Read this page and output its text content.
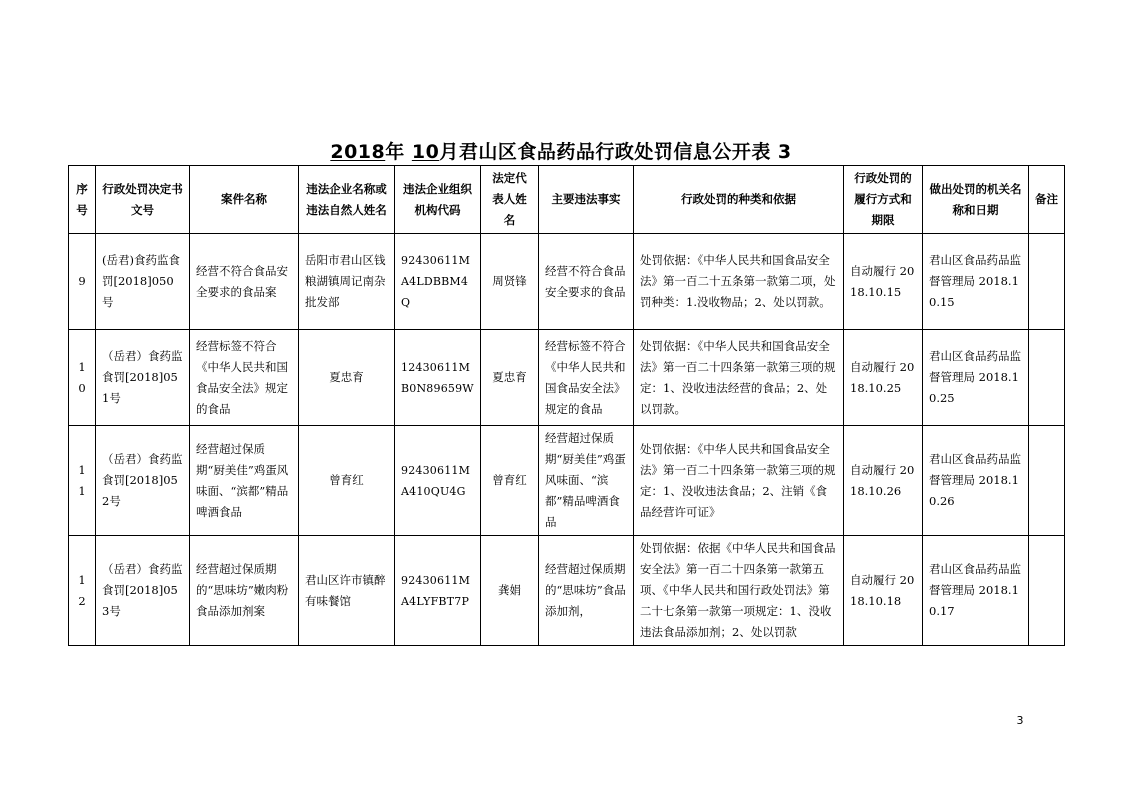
2018年 10月君山区食品药品行政处罚信息公开表 3
序号	行政处罚决定书文号	案件名称	违法企业名称或违法自然人姓名	违法企业组织机构代码	法定代表人姓名	主要违法事实	行政处罚的种类和依据	行政处罚的履行方式和期限	做出处罚的机关名称和日期	备注
9	(岳君)食药监食罚[2018]050号	经营不符合食品安全要求的食品案	岳阳市君山区钱粮湖镇周记南杂批发部	92430611MA4LDBBM4Q	周贤锋	经营不符合食品安全要求的食品	处罚依据：《中华人民共和国食品安全法》第一百二十五条第一款第二项，处罚种类：1.没收物品；2、处以罚款。	自动履行 2018.10.15	君山区食品药品监督管理局 2018.10.15	
10	（岳君）食药监食罚[2018]051号	经营标签不符合《中华人民共和国食品安全法》规定的食品	夏忠育	12430611MB0N89659W	夏忠育	经营标签不符合《中华人民共和国食品安全法》规定的食品	处罚依据：《中华人民共和国食品安全法》第一百二十四条第一款第三项的规定：1、没收违法经营的食品；2、处以罚款。	自动履行 2018.10.25	君山区食品药品监督管理局 2018.10.25	
11	（岳君）食药监食罚[2018]052号	经营超过保质期“厨美佳”鸡蛋风味面、“滨都”精品啤酒食品	曾育红	92430611MA410QU4G	曾育红	经营超过保质期“厨美佳”鸡蛋风味面、“滨都”精品啤酒食品	处罚依据：《中华人民共和国食品安全法》第一百二十四条第一款第三项的规定：1、没收违法食品；2、注销《食品经营许可证》	自动履行 2018.10.26	君山区食品药品监督管理局 2018.10.26	
12	（岳君）食药监食罚[2018]053号	经营超过保质期的“思味坊”嫩肉粉食品添加剂案	君山区许市镇醉有味餐馆	92430611MA4LYFBT7P	龚娟	经营超过保质期的“思味坊”食品添加剂，	处罚依据：依据《中华人民共和国食品安全法》第一百二十四条第一款第五项、《中华人民共和国行政处罚法》第二十七条第一款第一项规定：1、没收违法食品添加剂；2、处以罚款	自动履行 2018.10.18	君山区食品药品监督管理局 2018.10.17	
3
